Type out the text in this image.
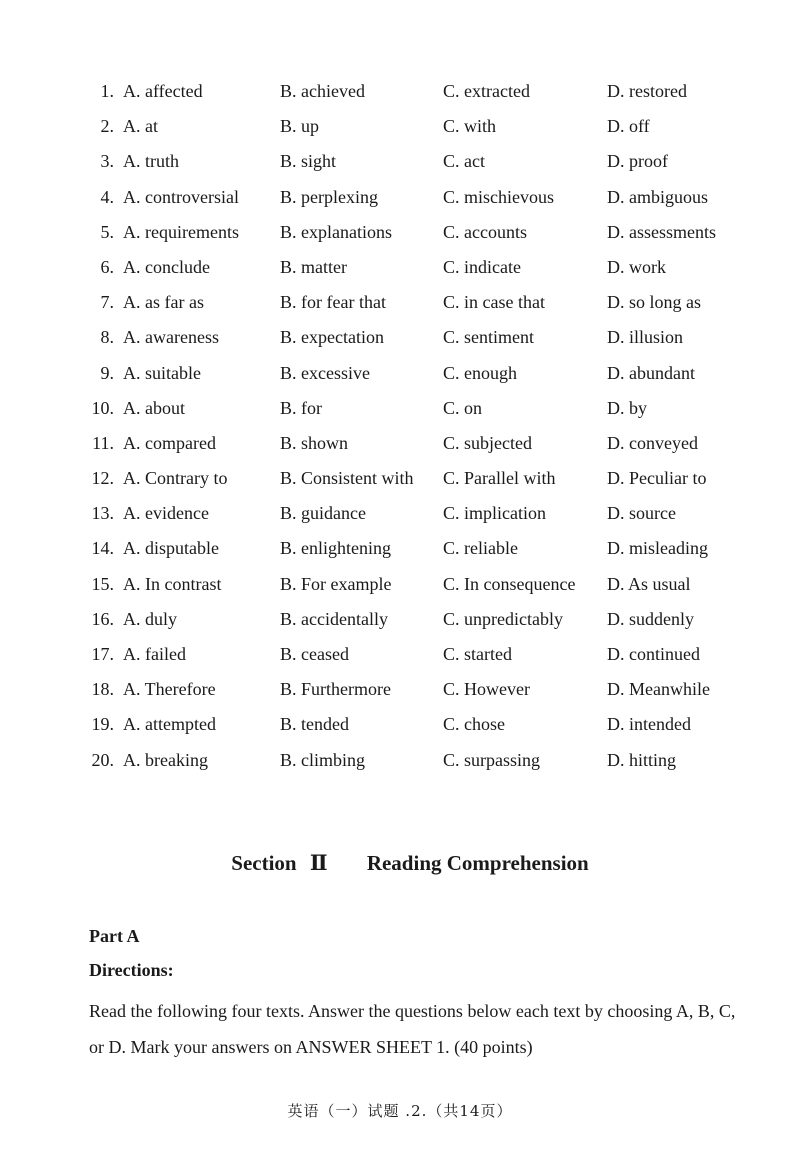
1. A. affected	B. achieved	C. extracted	D. restored
2. A. at	B. up	C. with	D. off
3. A. truth	B. sight	C. act	D. proof
4. A. controversial B. perplexing	C. mischievous	D. ambiguous
5. A. requirements B. explanations	C. accounts	D. assessments
6. A. conclude	B. matter	C. indicate	D. work
7. A. as far as	B. for fear that	C. in case that	D. so long as
8. A. awareness	B. expectation	C. sentiment	D. illusion
9. A. suitable	B. excessive	C. enough	D. abundant
10. A. about	B. for	C. on	D. by
11. A. compared	B. shown	C. subjected	D. conveyed
12. A. Contrary to	B. Consistent with C. Parallel with	D. Peculiar to
13. A. evidence	B. guidance	C. implication	D. source
14. A. disputable	B. enlightening	C. reliable	D. misleading
15. A. In contrast	B. For example	C. In consequence D. As usual
16. A. duly	B. accidentally	C. unpredictably D. suddenly
17. A. failed	B. ceased	C. started	D. continued
18. A. Therefore	B. Furthermore	C. However	D. Meanwhile
19. A. attempted	B. tended	C. chose	D. intended
20. A. breaking	B. climbing	C. surpassing	D. hitting
Section Ⅱ Reading Comprehension
Part A
Directions:
Read the following four texts. Answer the questions below each text by choosing A, B, C, or D. Mark your answers on ANSWER SHEET 1. (40 points)
英语（一）试题 .2.（共14页）
